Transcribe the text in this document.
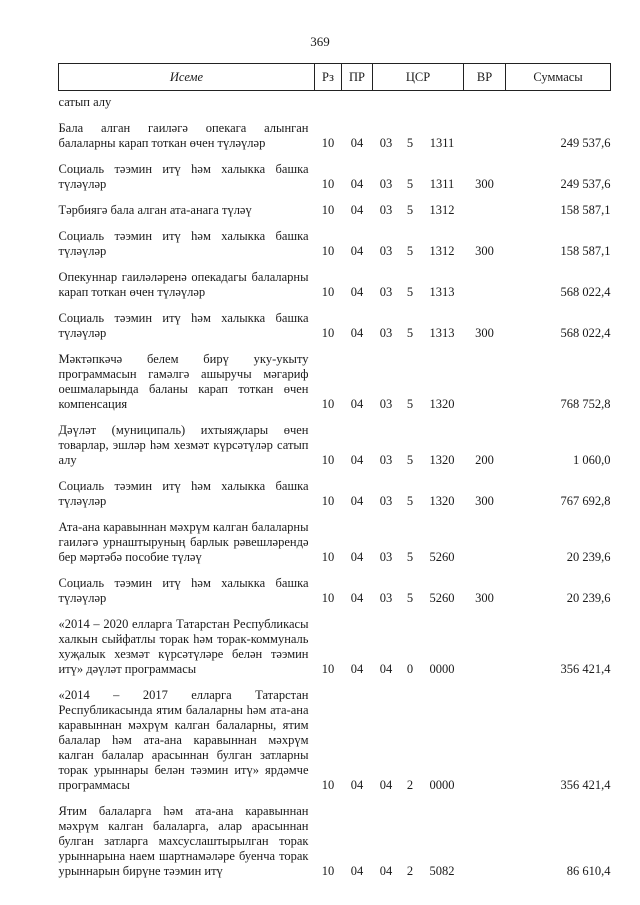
369
Исеме	Рз	ПР	ЦСР			ВР	Суммасы
сатып алу							
Бала алган гаиләгә опекага алынган балаларны карап тоткан өчен түләүләр	10	04	03	5	1311		249 537,6
Социаль тәэмин итү һәм халыкка башка түләүләр	10	04	03	5	1311	300	249 537,6
Тәрбиягә бала алган ата-анага түләү	10	04	03	5	1312		158 587,1
Социаль тәэмин итү һәм халыкка башка түләүләр	10	04	03	5	1312	300	158 587,1
Опекуннар гаиләләренә опекадагы балаларны карап тоткан өчен түләүләр	10	04	03	5	1313		568 022,4
Социаль тәэмин итү һәм халыкка башка түләүләр	10	04	03	5	1313	300	568 022,4
Мәктәпкәчә белем бирү уку-укыту программасын гамәлгә ашыручы мәгариф оешмаларында баланы карап тоткан өчен компенсация	10	04	03	5	1320		768 752,8
Дәүләт (муниципаль) ихтыяҗлары өчен товарлар, эшләр һәм хезмәт күрсәтүләр сатып алу	10	04	03	5	1320	200	1 060,0
Социаль тәэмин итү һәм халыкка башка түләүләр	10	04	03	5	1320	300	767 692,8
Ата-ана каравыннан мәхрүм калган балаларны гаиләгә урнаштыруның барлык рәвешләрендә бер мәртәбә пособие түләү	10	04	03	5	5260		20 239,6
Социаль тәэмин итү һәм халыкка башка түләүләр	10	04	03	5	5260	300	20 239,6
«2014 – 2020 елларга Татарстан Республикасы халкын сыйфатлы торак һәм торак-коммуналь хуҗалык хезмәт күрсәтүләре белән тәэмин итү» дәүләт программасы	10	04	04	0	0000		356 421,4
«2014 – 2017 елларга Татарстан Республикасында ятим балаларны һәм ата-ана каравыннан мәхрүм калган балаларны, ятим балалар һәм ата-ана каравыннан мәхрүм калган балалар арасыннан булган затларны торак урыннары белән тәэмин итү» ярдәмче программасы	10	04	04	2	0000		356 421,4
Ятим балаларга һәм ата-ана каравыннан мәхрүм калган балаларга, алар арасыннан булган затларга махсуслаштырылган торак урыннарына наем шартнамәләре буенча торак урыннарын бирүне тәэмин итү	10	04	04	2	5082		86 610,4
